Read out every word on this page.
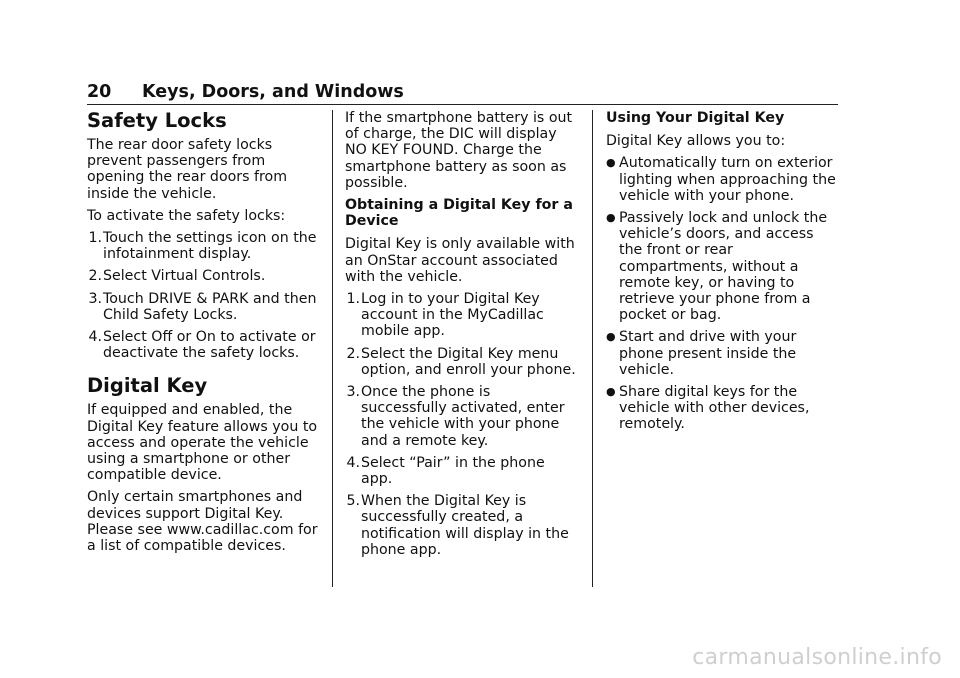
20 Keys, Doors, and Windows
Safety Locks

The rear door safety locks prevent passengers from opening the rear doors from inside the vehicle.

To activate the safety locks:

1. Touch the settings icon on the infotainment display.
2. Select Virtual Controls.
3. Touch DRIVE & PARK and then Child Safety Locks.
4. Select Off or On to activate or deactivate the safety locks.
Digital Key

If equipped and enabled, the Digital Key feature allows you to access and operate the vehicle using a smartphone or other compatible device.

Only certain smartphones and devices support Digital Key. Please see www.cadillac.com for a list of compatible devices.

If the smartphone battery is out of charge, the DIC will display NO KEY FOUND. Charge the smartphone battery as soon as possible.

Obtaining a Digital Key for a Device

Digital Key is only available with an OnStar account associated with the vehicle.

1. Log in to your Digital Key account in the MyCadillac mobile app.
2. Select the Digital Key menu option, and enroll your phone.
3. Once the phone is successfully activated, enter the vehicle with your phone and a remote key.
4. Select “Pair” in the phone app.
5. When the Digital Key is successfully created, a notification will display in the phone app.
Using Your Digital Key

Digital Key allows you to:

● Automatically turn on exterior lighting when approaching the vehicle with your phone.
● Passively lock and unlock the vehicle’s doors, and access the front or rear compartments, without a remote key, or having to retrieve your phone from a pocket or bag.
● Start and drive with your phone present inside the vehicle.
● Share digital keys for the vehicle with other devices, remotely.
carmanualsonline.info
